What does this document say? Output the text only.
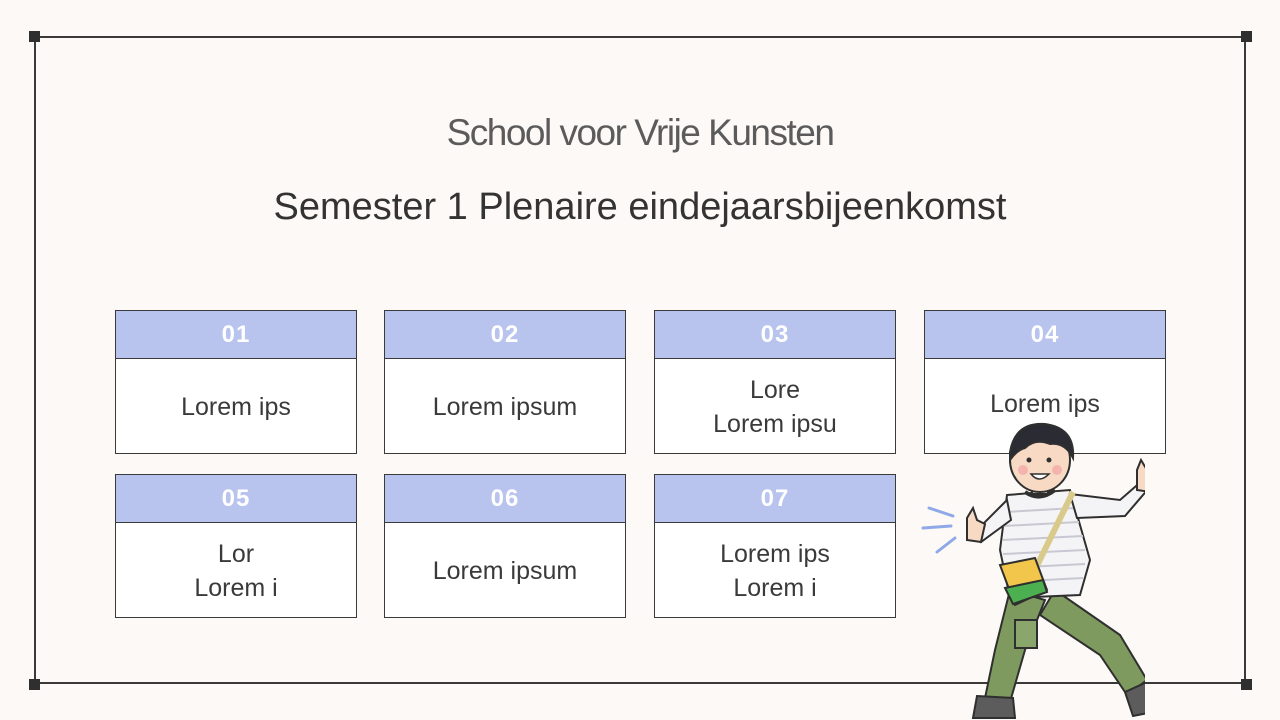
School voor Vrije Kunsten
Semester 1 Plenaire eindejaarsbijeenkomst
01
Lorem ips
02
Lorem ipsum
03
Lore
Lorem ipsu
04
Lorem ips
05
Lor
Lorem i
06
Lorem ipsum
07
Lorem ips
Lorem i
